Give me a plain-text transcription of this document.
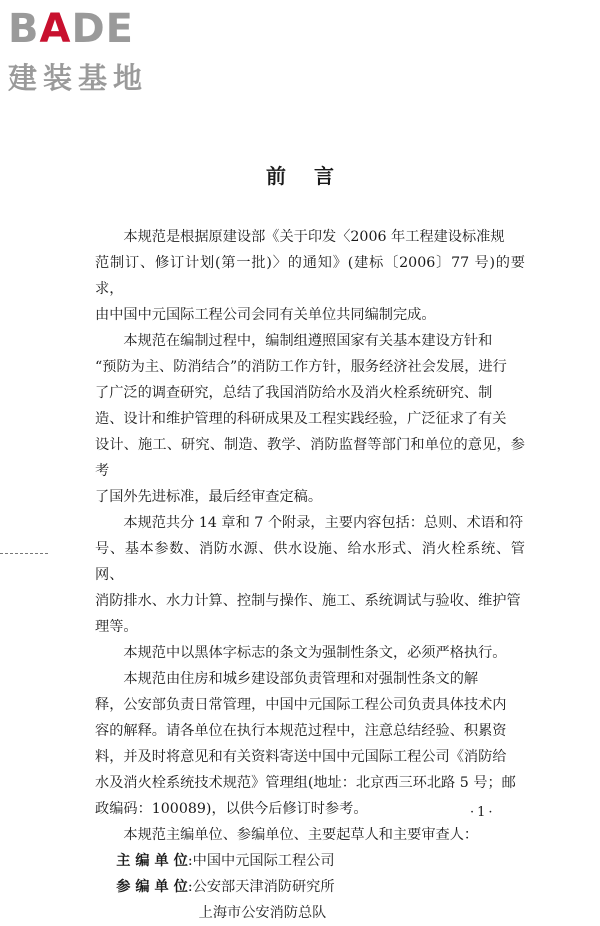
BADE
建装基地
前言

本规范是根据原建设部《关于印发〈2006 年工程建设标准规
范制订、修订计划(第一批)〉的通知》(建标〔2006〕77 号)的要求，
由中国中元国际工程公司会同有关单位共同编制完成。

本规范在编制过程中，编制组遵照国家有关基本建设方针和
“预防为主、防消结合”的消防工作方针，服务经济社会发展，进行
了广泛的调查研究，总结了我国消防给水及消火栓系统研究、制
造、设计和维护管理的科研成果及工程实践经验，广泛征求了有关
设计、施工、研究、制造、教学、消防监督等部门和单位的意见，参考
了国外先进标准，最后经审查定稿。

本规范共分 14 章和 7 个附录，主要内容包括：总则、术语和符
号、基本参数、消防水源、供水设施、给水形式、消火栓系统、管网、
消防排水、水力计算、控制与操作、施工、系统调试与验收、维护管
理等。

本规范中以黑体字标志的条文为强制性条文，必须严格执行。

本规范由住房和城乡建设部负责管理和对强制性条文的解
释，公安部负责日常管理，中国中元国际工程公司负责具体技术内
容的解释。请各单位在执行本规范过程中，注意总结经验、积累资
料，并及时将意见和有关资料寄送中国中元国际工程公司《消防给
水及消火栓系统技术规范》管理组(地址：北京西三环北路 5 号；邮
政编码：100089)，以供今后修订时参考。

本规范主编单位、参编单位、主要起草人和主要审查人：

主 编 单 位:中国中元国际工程公司
参 编 单 位:公安部天津消防研究所
上海市公安消防总队
·1·
